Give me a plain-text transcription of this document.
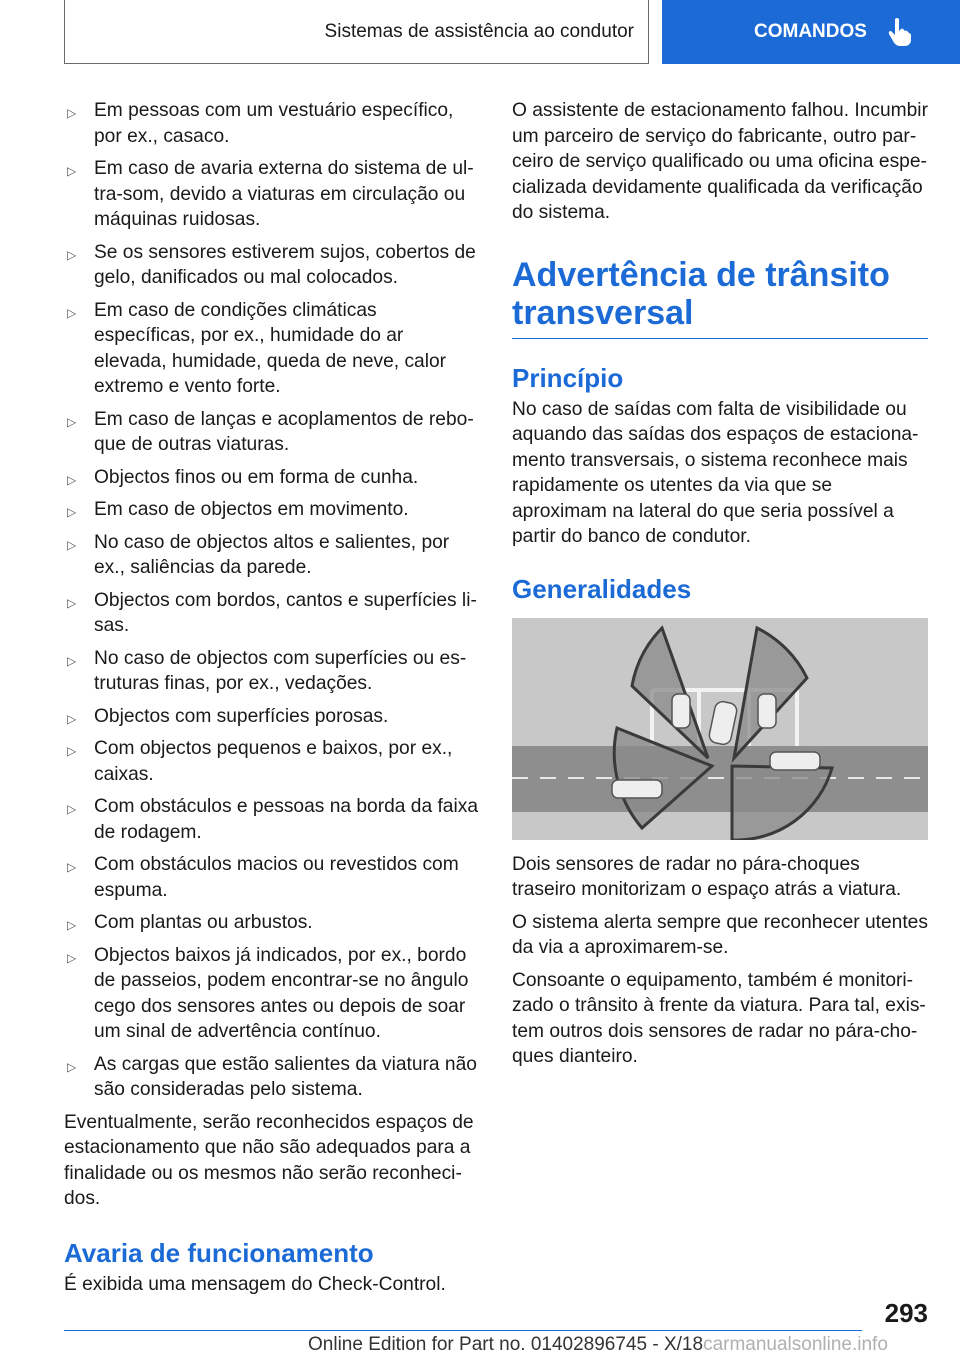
Sistemas de assistência ao condutor	COMANDOS
▷ Em pessoas com um vestuário específico, por ex., casaco.
▷ Em caso de avaria externa do sistema de ul‐tra-som, devido a viaturas em circulação ou máquinas ruidosas.
▷ Se os sensores estiverem sujos, cobertos de gelo, danificados ou mal colocados.
▷ Em caso de condições climáticas específicas, por ex., humidade do ar elevada, humidade, queda de neve, calor extremo e vento forte.
▷ Em caso de lanças e acoplamentos de rebo‐que de outras viaturas.
▷ Objectos finos ou em forma de cunha.
▷ Em caso de objectos em movimento.
▷ No caso de objectos altos e salientes, por ex., saliências da parede.
▷ Objectos com bordos, cantos e superfícies li‐sas.
▷ No caso de objectos com superfícies ou es‐truturas finas, por ex., vedações.
▷ Objectos com superfícies porosas.
▷ Com objectos pequenos e baixos, por ex., caixas.
▷ Com obstáculos e pessoas na borda da faixa de rodagem.
▷ Com obstáculos macios ou revestidos com espuma.
▷ Com plantas ou arbustos.
▷ Objectos baixos já indicados, por ex., bordo de passeios, podem encontrar-se no ângulo cego dos sensores antes ou depois de soar um sinal de advertência contínuo.
▷ As cargas que estão salientes da viatura não são consideradas pelo sistema.

Eventualmente, serão reconhecidos espaços de estacionamento que não são adequados para a finalidade ou os mesmos não serão reconheci‐dos.

Avaria de funcionamento

É exibida uma mensagem do Check-Control.

O assistente de estacionamento falhou. Incumbir um parceiro de serviço do fabricante, outro par‐ceiro de serviço qualificado ou uma oficina espe‐cializada devidamente qualificada da verificação do sistema.

Advertência de trânsito transversal
Princípio

No caso de saídas com falta de visibilidade ou aquando das saídas dos espaços de estaciona‐mento transversais, o sistema reconhece mais rapidamente os utentes da via que se aproximam na lateral do que seria possível a partir do banco de condutor.

Generalidades

Dois sensores de radar no pára-choques traseiro monitorizam o espaço atrás a viatura.

O sistema alerta sempre que reconhecer utentes da via a aproximarem-se.

Consoante o equipamento, também é monitori‐zado o trânsito à frente da viatura. Para tal, exis‐tem outros dois sensores de radar no pára-cho‐ques dianteiro.

293
Online Edition for Part no. 01402896745 - X/18carmanualsonline.info
